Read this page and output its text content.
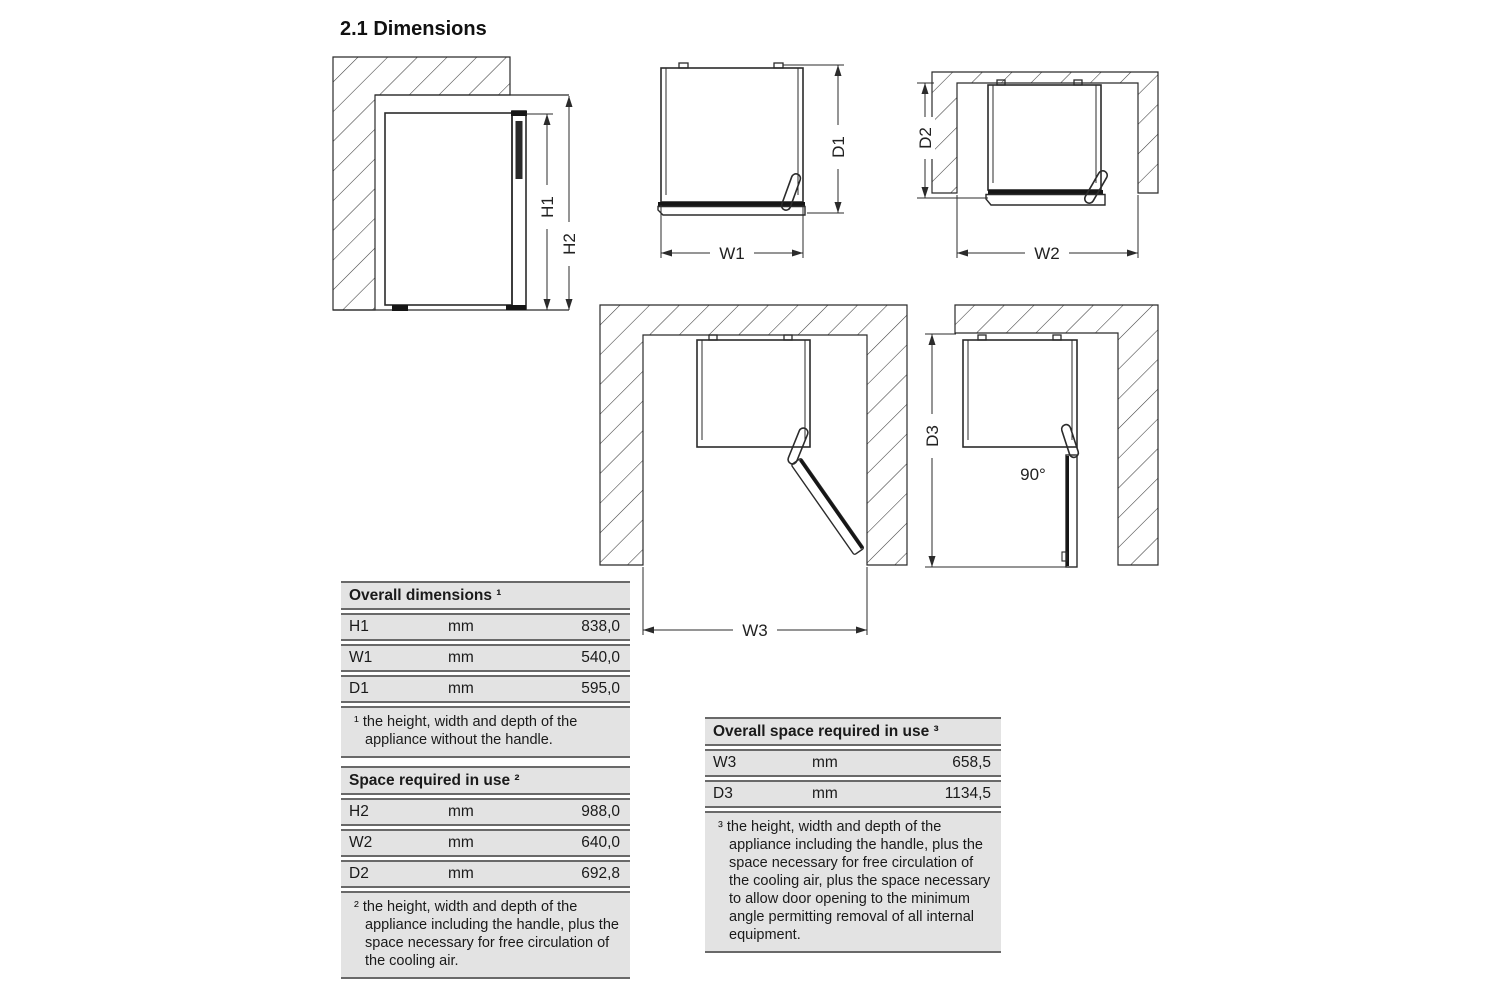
2.1 Dimensions
H1
H2
D1
W1
D2
W2
W3
90°
D3
Overall dimensions ¹
H1	mm	838,0
W1	mm	540,0
D1	mm	595,0

¹ the height, width and depth of the appliance without the handle.

Space required in use ²
H2	mm	988,0
W2	mm	640,0
D2	mm	692,8

² the height, width and depth of the appliance including the handle, plus the space necessary for free circulation of the cooling air.

Overall space required in use ³
W3	mm	658,5
D3	mm	1134,5

³ the height, width and depth of the appliance including the handle, plus the space necessary for free circulation of the cooling air, plus the space necessary to allow door opening to the minimum angle permitting removal of all internal equipment.
